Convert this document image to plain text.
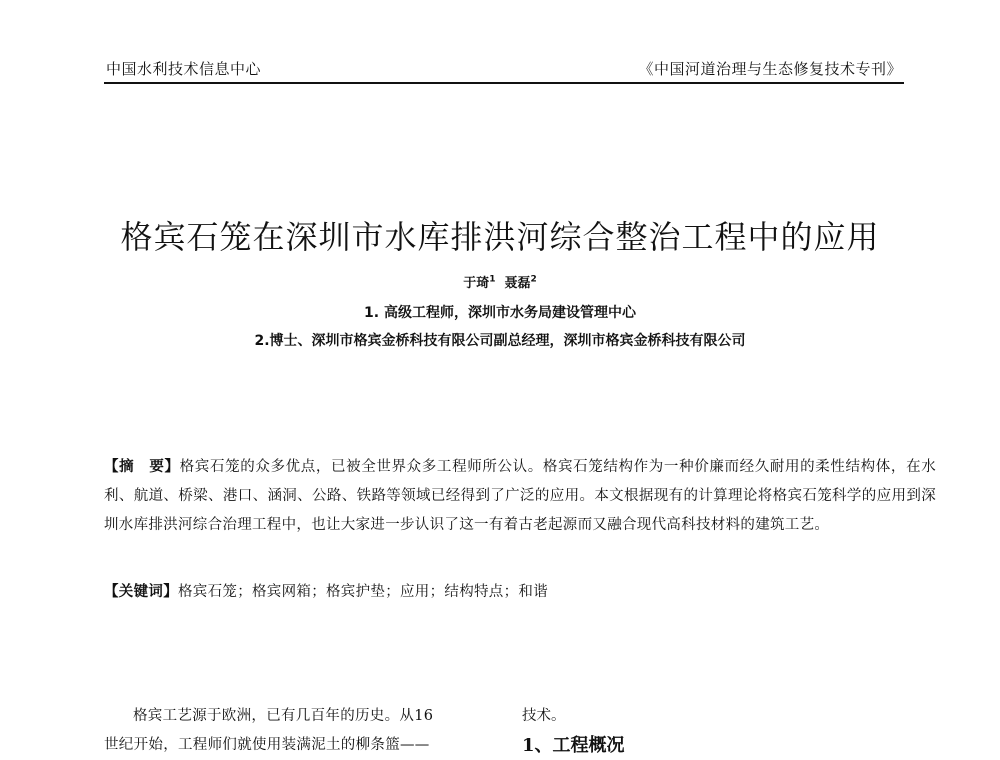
中国水利技术信息中心	《中国河道治理与生态修复技术专刊》
格宾石笼在深圳市水库排洪河综合整治工程中的应用
于琦$^1$ 聂磊$^2$
1. 高级工程师，深圳市水务局建设管理中心
2.博士、深圳市格宾金桥科技有限公司副总经理，深圳市格宾金桥科技有限公司
【摘　要】格宾石笼的众多优点，已被全世界众多工程师所公认。格宾石笼结构作为一种价廉而经久耐用的柔性结构体，在水利、航道、桥梁、港口、涵洞、公路、铁路等领域已经得到了广泛的应用。本文根据现有的计算理论将格宾石笼科学的应用到深圳水库排洪河综合治理工程中，也让大家进一步认识了这一有着古老起源而又融合现代高科技材料的建筑工艺。
【关键词】格宾石笼；格宾网箱；格宾护垫；应用；结构特点；和谐
格宾工艺源于欧洲，已有几百年的历史。从16
世纪开始，工程师们就使用装满泥土的柳条篮——
技术。
1、工程概况
